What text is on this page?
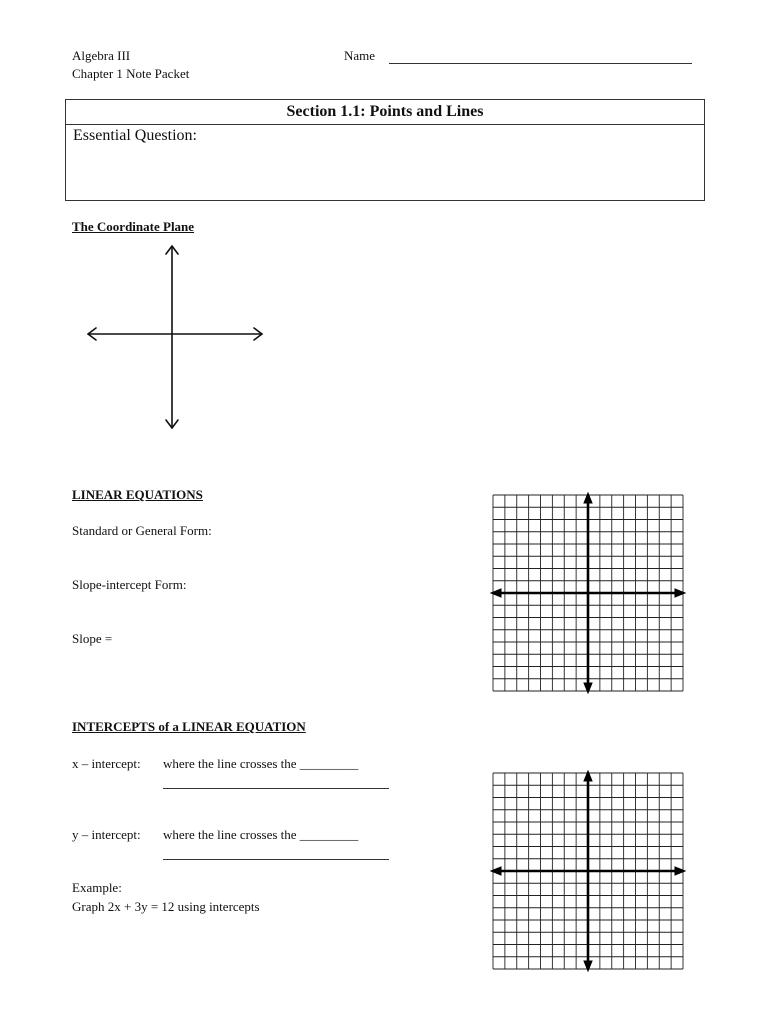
Algebra III
Chapter 1 Note Packet
Name
Section 1.1: Points and Lines
Essential Question:
The Coordinate Plane
LINEAR EQUATIONS
Standard or General Form:
Slope-intercept Form:
Slope =
INTERCEPTS of a LINEAR EQUATION
x – intercept: where the line crosses the _________
y – intercept: where the line crosses the _________
Example:
Graph 2x + 3y = 12 using intercepts
